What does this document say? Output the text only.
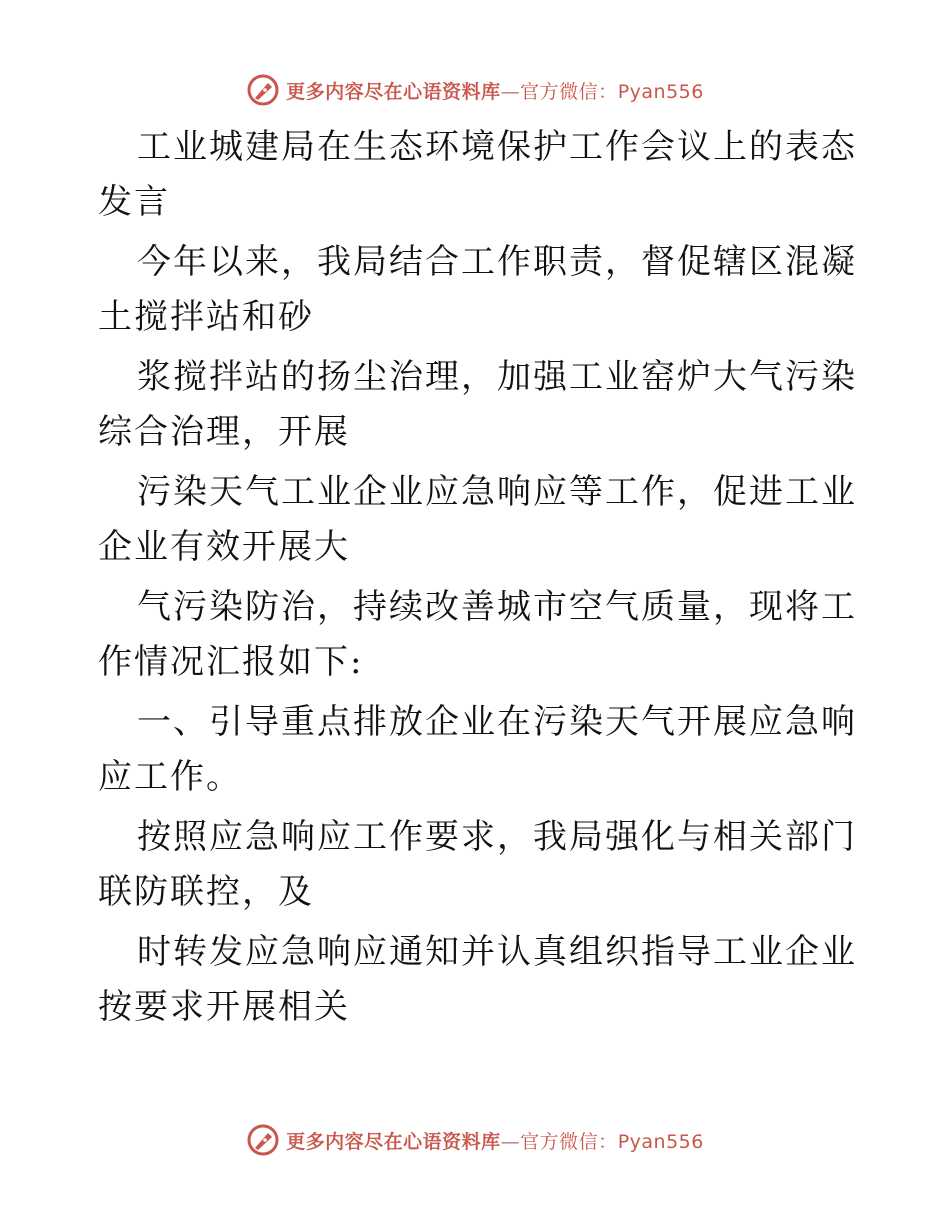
更多内容尽在心语资料库—官方微信：Pyan556

工业城建局在生态环境保护工作会议上的表态
发言

今年以来，我局结合工作职责，督促辖区混凝土搅拌站和砂

浆搅拌站的扬尘治理，加强工业窑炉大气污染综合治理，开展

污染天气工业企业应急响应等工作，促进工业企业有效开展大

气污染防治，持续改善城市空气质量，现将工作情况汇报如下:

一、引导重点排放企业在污染天气开展应急响应工作。

按照应急响应工作要求，我局强化与相关部门联防联控，及

时转发应急响应通知并认真组织指导工业企业按要求开展相关

更多内容尽在心语资料库—官方微信：Pyan556
